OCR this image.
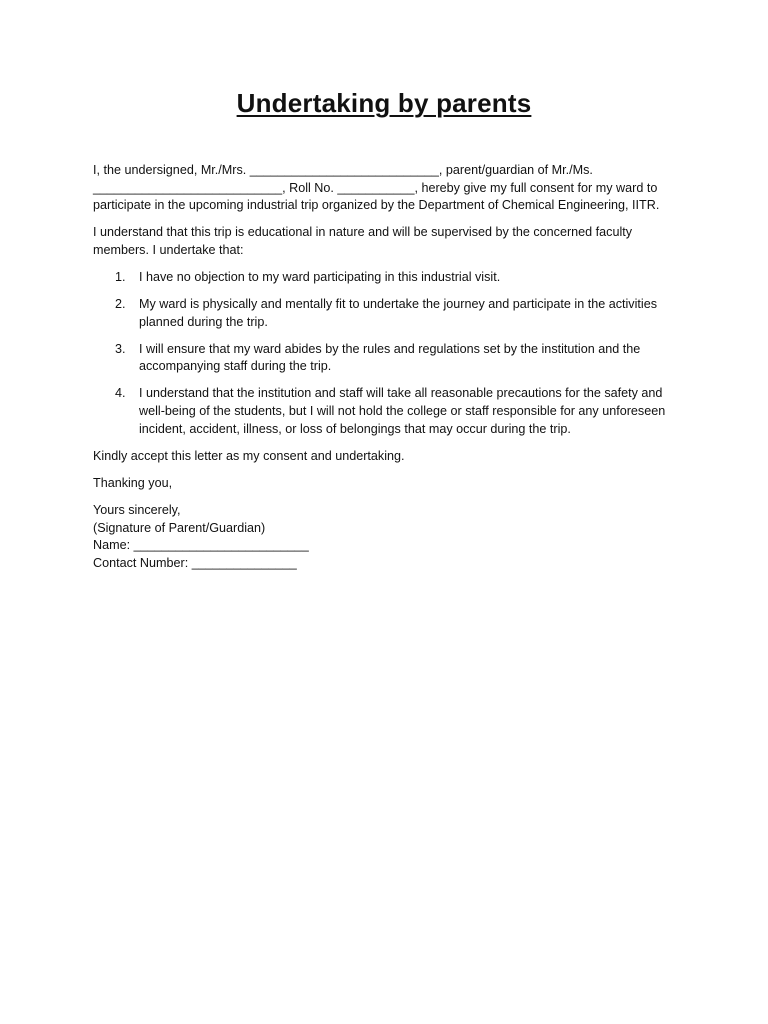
Undertaking by parents

I, the undersigned, Mr./Mrs. ___________________________, parent/guardian of Mr./Ms. ___________________________, Roll No. ___________, hereby give my full consent for my ward to participate in the upcoming industrial trip organized by the Department of Chemical Engineering, IITR.

I understand that this trip is educational in nature and will be supervised by the concerned faculty members. I undertake that:

1. I have no objection to my ward participating in this industrial visit.
2. My ward is physically and mentally fit to undertake the journey and participate in the activities planned during the trip.
3. I will ensure that my ward abides by the rules and regulations set by the institution and the accompanying staff during the trip.
4. I understand that the institution and staff will take all reasonable precautions for the safety and well-being of the students, but I will not hold the college or staff responsible for any unforeseen incident, accident, illness, or loss of belongings that may occur during the trip.

Kindly accept this letter as my consent and undertaking.

Thanking you,

Yours sincerely,
(Signature of Parent/Guardian)
Name: _________________________
Contact Number: _______________
